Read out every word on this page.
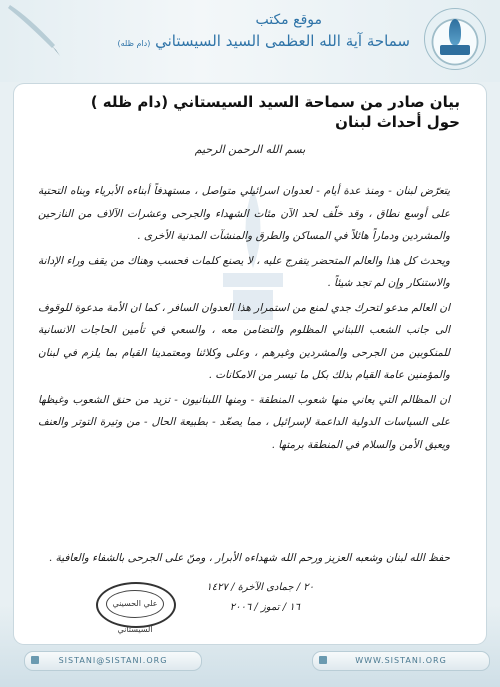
موقع مكتب
سماحة آية الله العظمى السيد السيستاني (دام ظله)
بيان صادر من سماحة السيد السيستاني (دام ظله )
حول أحداث لبنان
بسم الله الرحمن الرحيم

يتعرّض لبنان - ومنذ عدة أيام - لعدوان اسرائيلي متواصل ، مستهدفاً أبناءه الأبرياء وبناه التحتية على أوسع نطاق ، وقد خلّف لحد الآن مئات الشهداء والجرحى وعشرات الآلاف من النازحين والمشردين ودماراً هائلاً في المساكن والطرق والمنشآت المدنية الأخرى .

ويحدث كل هذا والعالم المتحضر يتفرج عليه ، لا يصنع كلمات فحسب وهناك من يقف وراء الإدانة والاستنكار وإن لم تجد شيئاً .

ان العالم مدعو لتحرك جدي لمنع من استمرار هذا العدوان السافر ، كما ان الأمة مدعوة للوقوف الى جانب الشعب اللبناني المظلوم والتضامن معه ، والسعي في تأمين الحاجات الانسانية للمنكوبين من الجرحى والمشردين وغيرهم ، وعلى وكلائنا ومعتمدينا القيام بما يلزم في لبنان والمؤمنين عامة القيام بذلك بكل ما تيسر من الامكانات .

ان المظالم التي يعاني منها شعوب المنطقة - ومنها اللبنانيون - تزيد من حنق الشعوب وغيظها على السياسات الدولية الداعمة لإسرائيل ، مما يصعّد - بطبيعة الحال - من وتيرة التوتر والعنف ويعيق الأمن والسلام في المنطقة برمتها .

حفظ الله لبنان وشعبه العزيز ورحم الله شهداءه الأبرار ، ومنّ على الجرحى بالشفاء والعافية .
٢٠ / جمادى الآخرة / ١٤٢٧
١٦ / تموز / ٢٠٠٦
علي الحسيني السيستاني
SISTANI@SISTANI.ORG	WWW.SISTANI.ORG
